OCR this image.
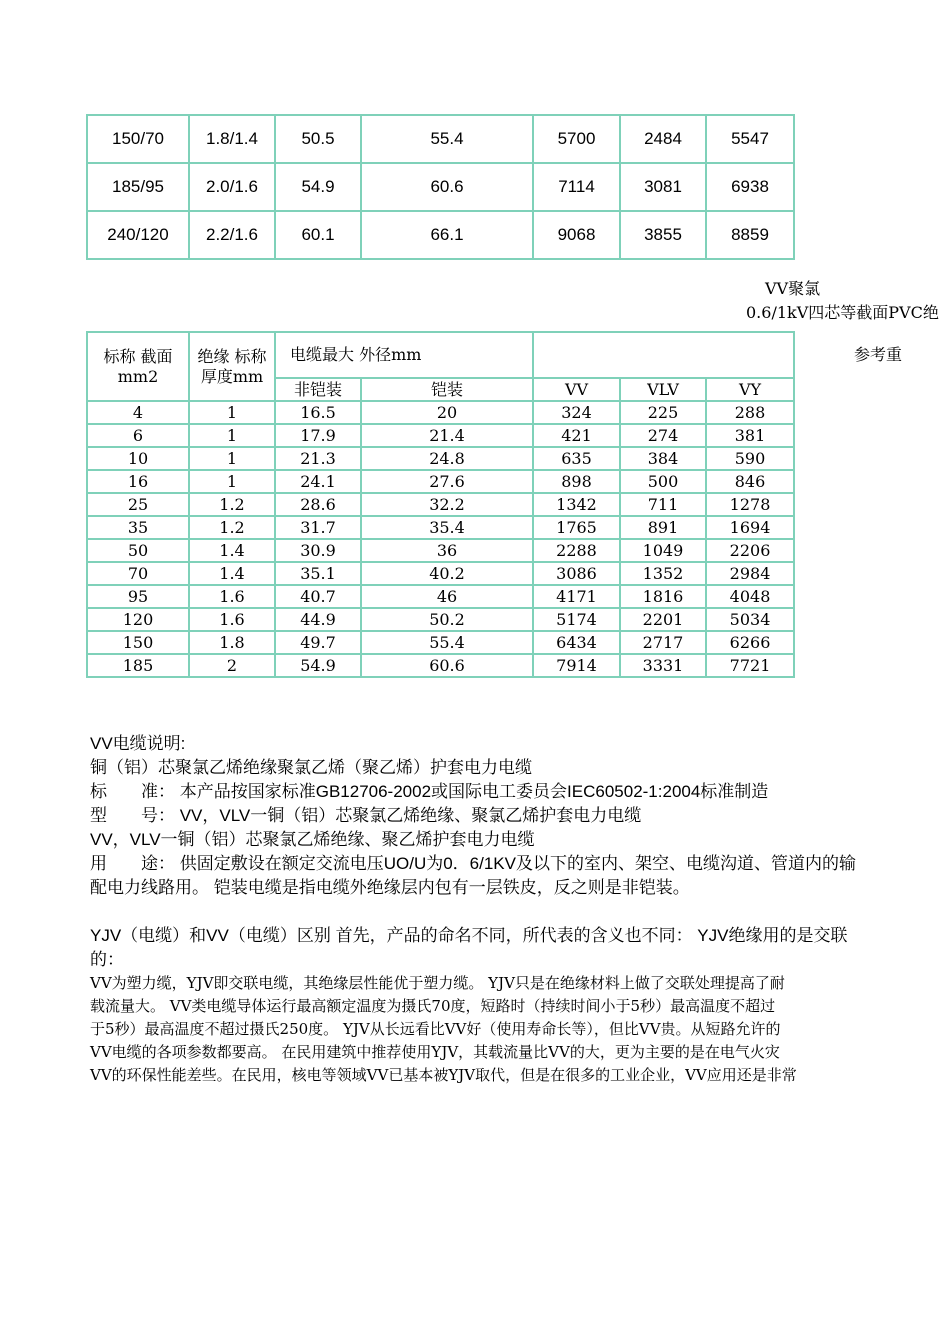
150/70	1.8/1.4	50.5	55.4	5700	2484	5547
185/95	2.0/1.6	54.9	60.6	7114	3081	6938
240/120	2.2/1.6	60.1	66.1	9068	3855	8859
VV聚氯
0.6/1kV四芯等截面PVC绝
标称 截面mm2	绝缘 标称 厚度mm	电缆最大 外径mm		参考重		

		非铠装	铠装	VV	VLV	VY
4	1	16.5	20	324	225	288
6	1	17.9	21.4	421	274	381
10	1	21.3	24.8	635	384	590
16	1	24.1	27.6	898	500	846
25	1.2	28.6	32.2	1342	711	1278
35	1.2	31.7	35.4	1765	891	1694
50	1.4	30.9	36	2288	1049	2206
70	1.4	35.1	40.2	3086	1352	2984
95	1.6	40.7	46	4171	1816	4048
120	1.6	44.9	50.2	5174	2201	5034
150	1.8	49.7	55.4	6434	2717	6266
185	2	54.9	60.6	7914	3331	7721

VV电缆说明:

铜（铝）芯聚氯乙烯绝缘聚氯乙烯（聚乙烯）护套电力电缆

标　　准： 本产品按国家标准GB12706-2002或国际电工委员会IEC60502-1:2004标准制造

型　　号： VV，VLV一铜（铝）芯聚氯乙烯绝缘、聚氯乙烯护套电力电缆

VV，VLV一铜（铝）芯聚氯乙烯绝缘、聚乙烯护套电力电缆

用　　途： 供固定敷设在额定交流电压UO/U为0．6/1KV及以下的室内、架空、电缆沟道、管道内的输

配电力线路用。 铠装电缆是指电缆外绝缘层内包有一层铁皮，反之则是非铠装。

YJV（电缆）和VV（电缆）区别 首先，产品的命名不同，所代表的含义也不同： YJV绝缘用的是交联

的：

VV为塑力缆，YJV即交联电缆，其绝缘层性能优于塑力缆。 YJV只是在绝缘材料上做了交联处理提高了耐

载流量大。 VV类电缆导体运行最高额定温度为摄氏70度，短路时（持续时间小于5秒）最高温度不超过

于5秒）最高温度不超过摄氏250度。 YJV从长远看比VV好（使用寿命长等），但比VV贵。从短路允许的

VV电缆的各项参数都要高。 在民用建筑中推荐使用YJV，其载流量比VV的大，更为主要的是在电气火灾

VV的环保性能差些。在民用，核电等领域VV已基本被YJV取代，但是在很多的工业企业，VV应用还是非常
